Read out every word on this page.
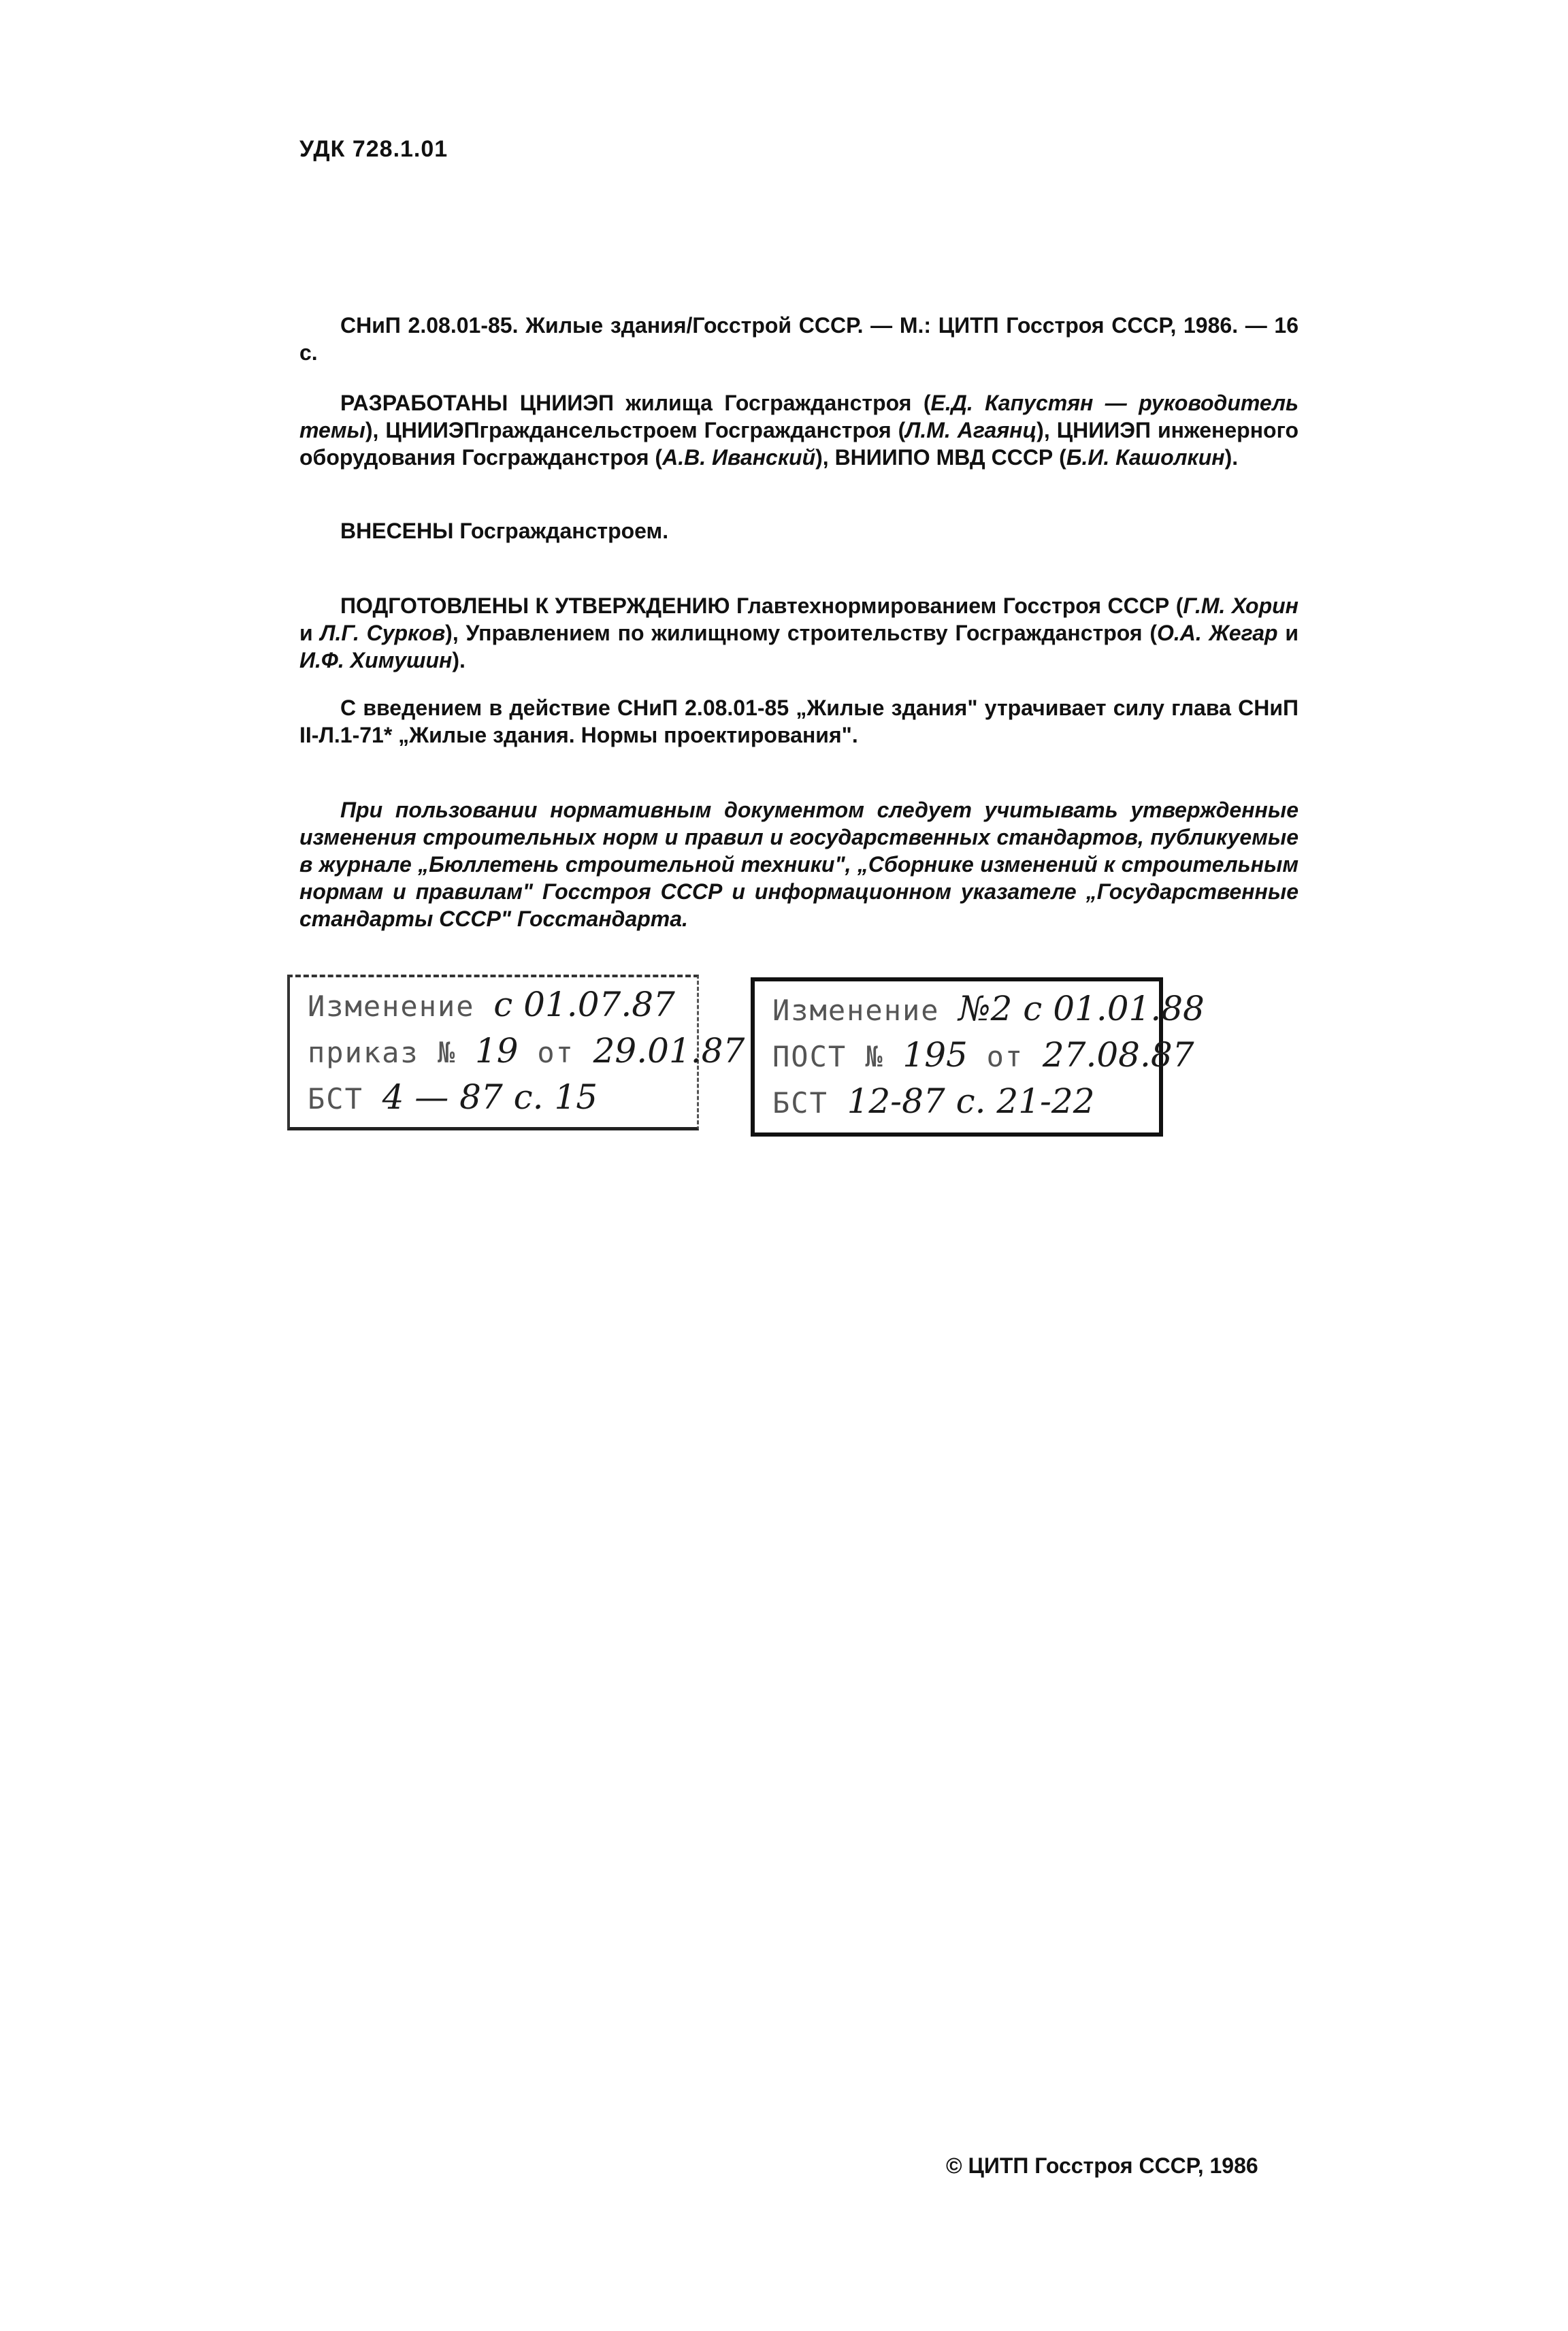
УДК 728.1.01
СНиП 2.08.01-85. Жилые здания/Госстрой СССР. — М.: ЦИТП Госстроя СССР, 1986. — 16 с.
РАЗРАБОТАНЫ ЦНИИЭП жилища Госгражданстроя (Е.Д. Капустян — руководитель темы), ЦНИИЭПграждансельстроем Госгражданстроя (Л.М. Агаянц), ЦНИИЭП инженерного оборудования Госгражданстроя (А.В. Иванский), ВНИИПО МВД СССР (Б.И. Кашолкин).
ВНЕСЕНЫ Госгражданстроем.
ПОДГОТОВЛЕНЫ К УТВЕРЖДЕНИЮ Главтехнормированием Госстроя СССР (Г.М. Хорин и Л.Г. Сурков), Управлением по жилищному строительству Госгражданстроя (О.А. Жегар и И.Ф. Химушин).
С введением в действие СНиП 2.08.01-85 „Жилые здания" утрачивает силу глава СНиП II-Л.1-71* „Жилые здания. Нормы проектирования".
При пользовании нормативным документом следует учитывать утвержденные изменения строительных норм и правил и государственных стандартов, публикуемые в журнале „Бюллетень строительной техники", „Сборнике изменений к строительным нормам и правилам" Госстроя СССР и информационном указателе „Государственные стандарты СССР" Госстандарта.
Изменение с 01.07.87
приказ № 19 от 29.01.87
БСТ 4 — 87 с. 15
Изменение №2 с 01.01.88
ПОСТ № 195 от 27.08.87
БСТ 12-87 с. 21-22
© ЦИТП Госстроя СССР, 1986
